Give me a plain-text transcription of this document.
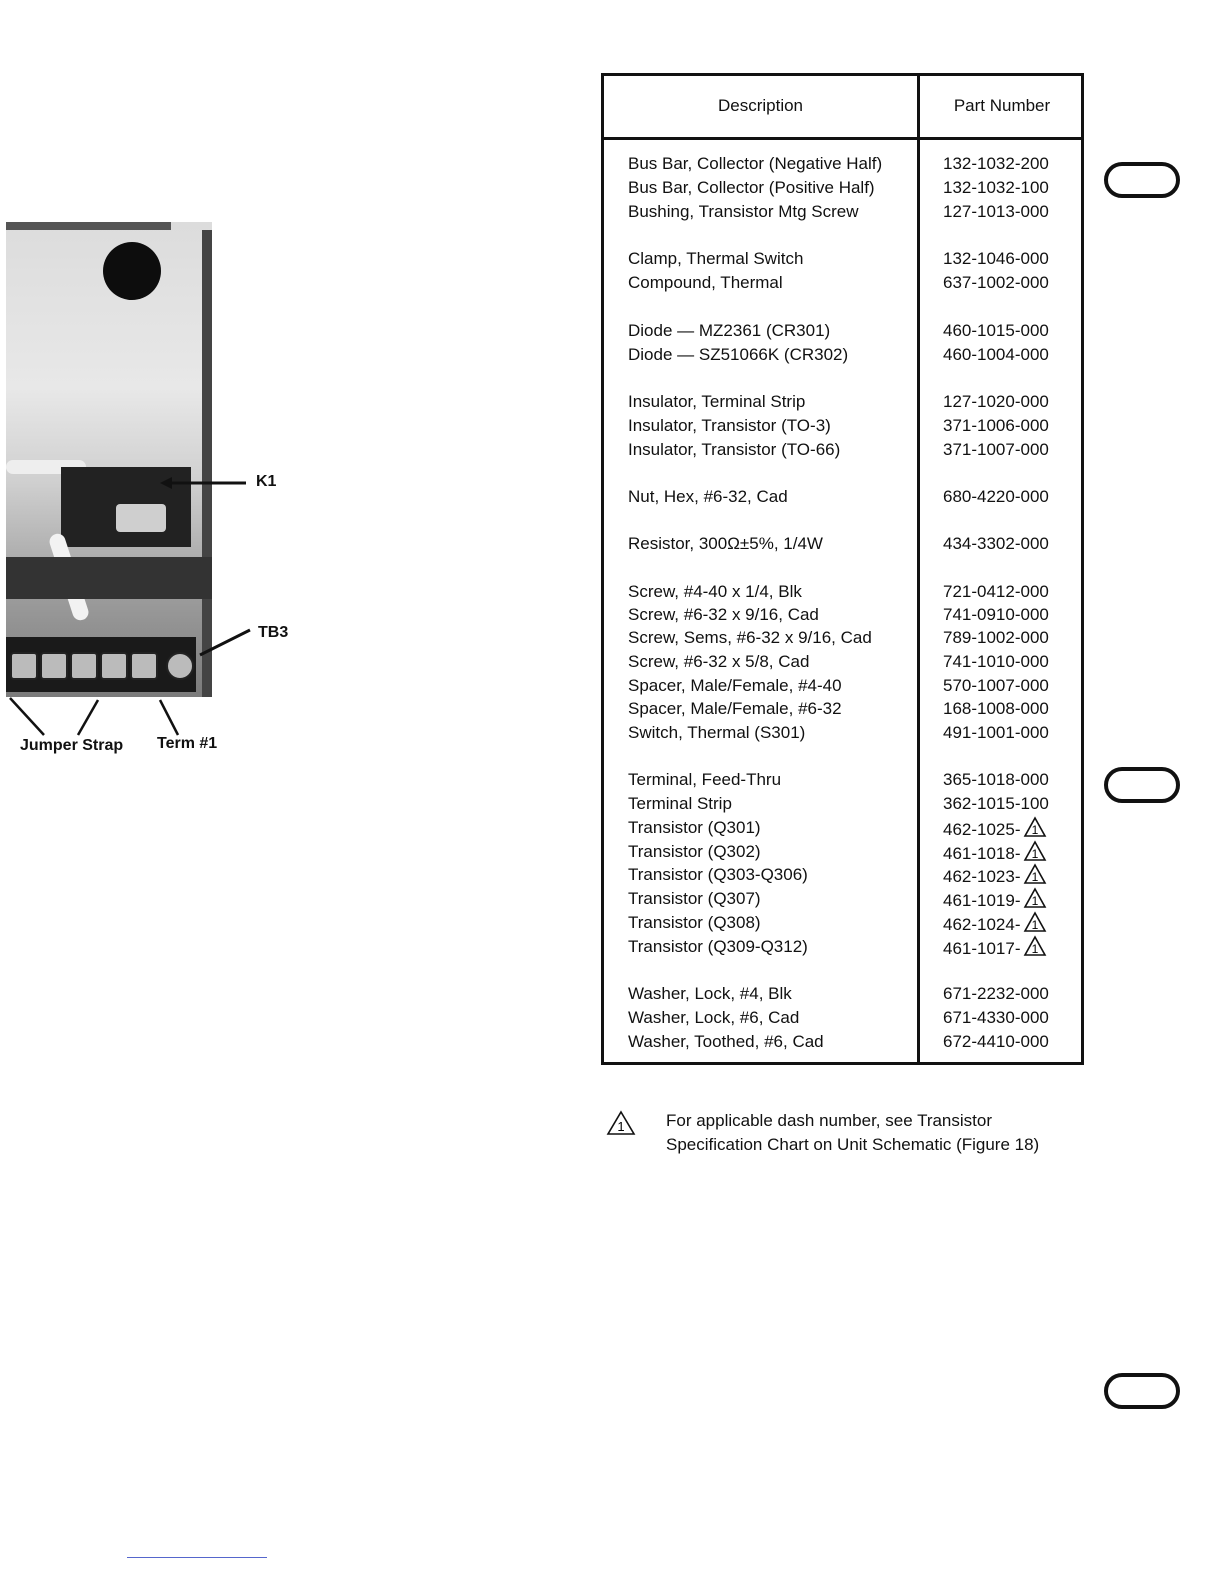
K1
TB3
Jumper Strap Term #1
Description	Part Number
Bus Bar, Collector (Negative Half)	132-1032-200
Bus Bar, Collector (Positive Half)	132-1032-100
Bushing, Transistor Mtg Screw	127-1013-000
Clamp, Thermal Switch	132-1046-000
Compound, Thermal	637-1002-000
Diode — MZ2361 (CR301)	460-1015-000
Diode — SZ51066K (CR302)	460-1004-000
Insulator, Terminal Strip	127-1020-000
Insulator, Transistor (TO-3)	371-1006-000
Insulator, Transistor (TO-66)	371-1007-000
Nut, Hex, #6-32, Cad	680-4220-000
Resistor, 300Ω±5%, 1/4W	434-3302-000
Screw, #4-40 x 1/4, Blk	721-0412-000
Screw, #6-32 x 9/16, Cad	741-0910-000
Screw, Sems, #6-32 x 9/16, Cad	789-1002-000
Screw, #6-32 x 5/8, Cad	741-1010-000
Spacer, Male/Female, #4-40	570-1007-000
Spacer, Male/Female, #6-32	168-1008-000
Switch, Thermal (S301)	491-1001-000
Terminal, Feed-Thru	365-1018-000
Terminal Strip	362-1015-100
Transistor (Q301)	462-1025- 1
Transistor (Q302)	461-1018- 1
Transistor (Q303-Q306)	462-1023- 1
Transistor (Q307)	461-1019- 1
Transistor (Q308)	462-1024- 1
Transistor (Q309-Q312)	461-1017- 1
Washer, Lock, #4, Blk	671-2232-000
Washer, Lock, #6, Cad	671-4330-000
Washer, Toothed, #6, Cad	672-4410-000
1 For applicable dash number, see Transistor
Specification Chart on Unit Schematic (Figure 18)
